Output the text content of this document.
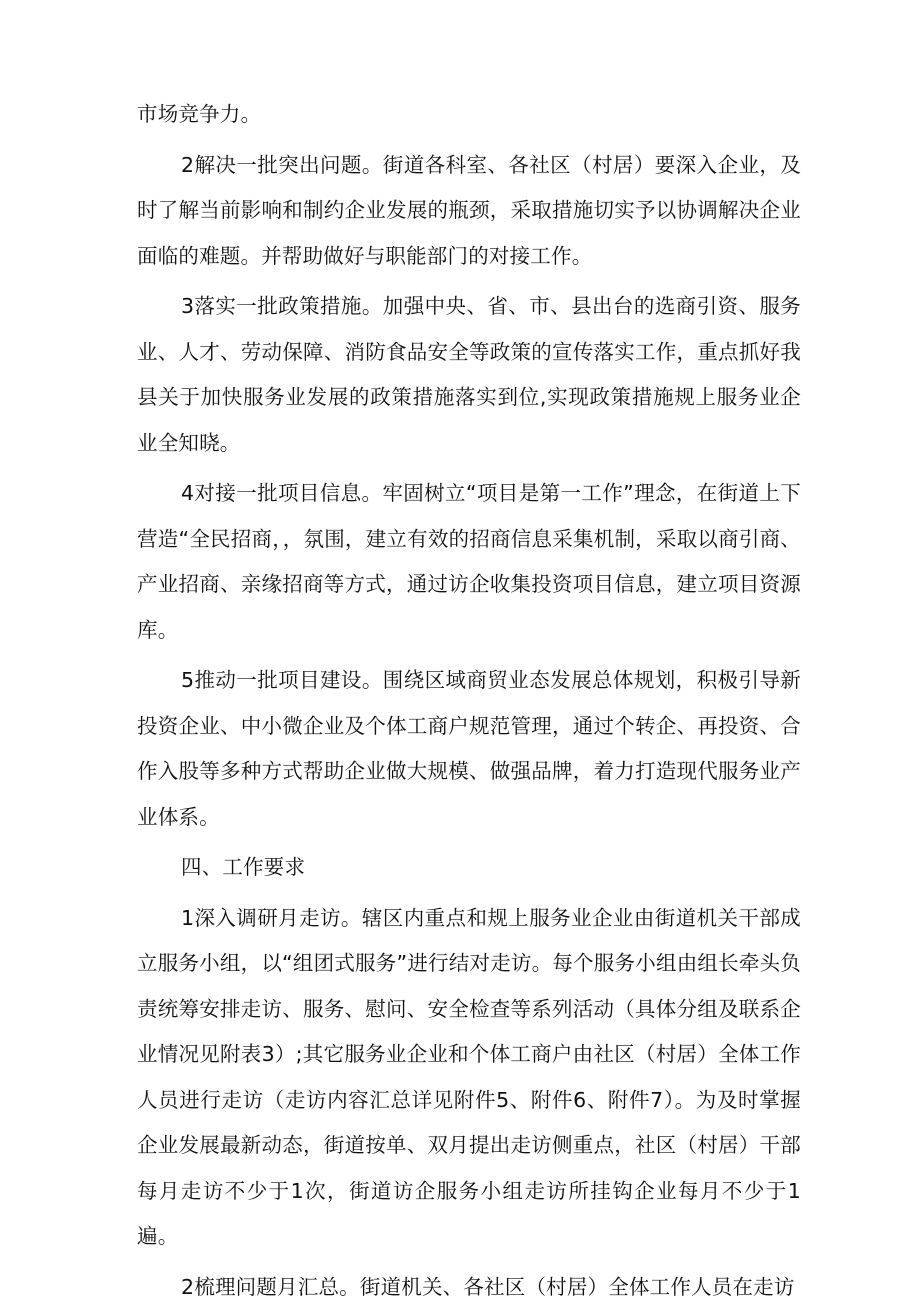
市场竞争力。

2解决一批突出问题。街道各科室、各社区（村居）要深入企业，及时了解当前影响和制约企业发展的瓶颈，采取措施切实予以协调解决企业面临的难题。并帮助做好与职能部门的对接工作。

3落实一批政策措施。加强中央、省、市、县出台的选商引资、服务业、人才、劳动保障、消防食品安全等政策的宣传落实工作，重点抓好我县关于加快服务业发展的政策措施落实到位,实现政策措施规上服务业企业全知晓。

4对接一批项目信息。牢固树立“项目是第一工作”理念，在街道上下营造“全民招商，，氛围，建立有效的招商信息采集机制，采取以商引商、产业招商、亲缘招商等方式，通过访企收集投资项目信息，建立项目资源库。

5推动一批项目建设。围绕区域商贸业态发展总体规划，积极引导新投资企业、中小微企业及个体工商户规范管理，通过个转企、再投资、合作入股等多种方式帮助企业做大规模、做强品牌，着力打造现代服务业产业体系。

四、工作要求

1深入调研月走访。辖区内重点和规上服务业企业由街道机关干部成立服务小组，以“组团式服务”进行结对走访。每个服务小组由组长牵头负责统筹安排走访、服务、慰问、安全检查等系列活动（具体分组及联系企业情况见附表3）;其它服务业企业和个体工商户由社区（村居）全体工作人员进行走访（走访内容汇总详见附件5、附件6、附件7）。为及时掌握企业发展最新动态，街道按单、双月提出走访侧重点，社区（村居）干部每月走访不少于1次，街道访企服务小组走访所挂钩企业每月不少于1遍。

2梳理问题月汇总。街道机关、各社区（村居）全体工作人员在走访
